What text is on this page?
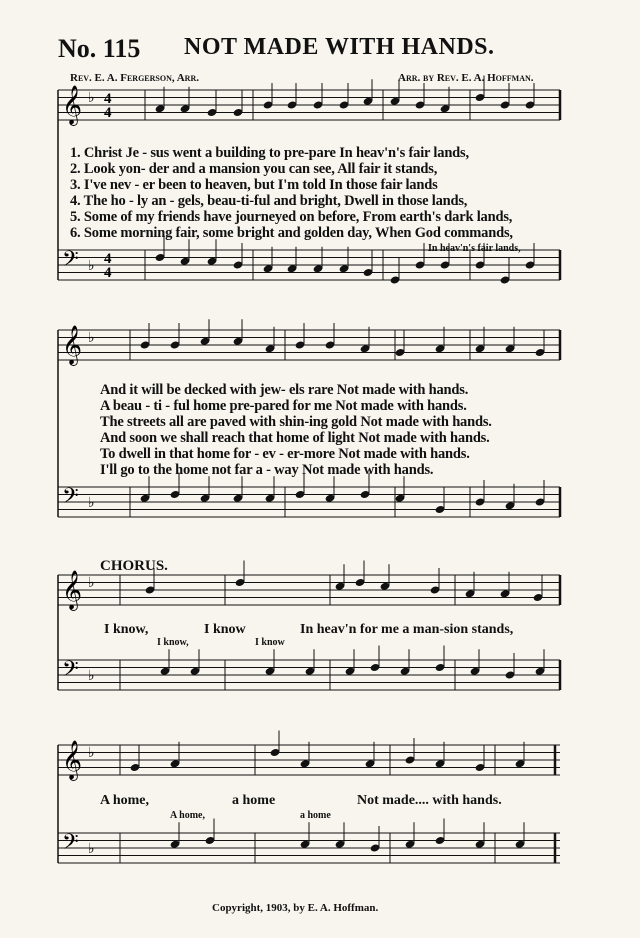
No. 115 NOT MADE WITH HANDS.
Rev. E. A. Fergerson, Arr.	Arr. by Rev. E. A. Hoffman.
𝄞 ♭
𝄢 ♭
𝄞 ♭
𝄢 ♭
𝄞 ♭
𝄢 ♭
𝄞 ♭
𝄢 ♭
4
4
4
4
1. Christ Je - sus went a building to pre-pare In heav'n's fair lands,
2. Look yon- der and a mansion you can see, All fair it stands,
3. I've nev - er been to heaven, but I'm told In those fair lands
4. The ho - ly an - gels, beau-ti-ful and bright, Dwell in those lands,
5. Some of my friends have journeyed on before, From earth's dark lands,
6. Some morning fair, some bright and golden day, When God commands,
In heav'n's fair lands,
And it will be decked with jew- els rare Not made with hands.
A beau - ti - ful home pre-pared for me Not made with hands.
The streets all are paved with shin-ing gold Not made with hands.
And soon we shall reach that home of light Not made with hands.
To dwell in that home for - ev - er-more Not made with hands.
I'll go to the home not far a - way Not made with hands.
CHORUS.
I know,	I know	In heav'n for me a man-sion stands,
I know,	I know
A home,	a home	Not made.... with hands.
A home,	a home
Copyright, 1903, by E. A. Hoffman.
